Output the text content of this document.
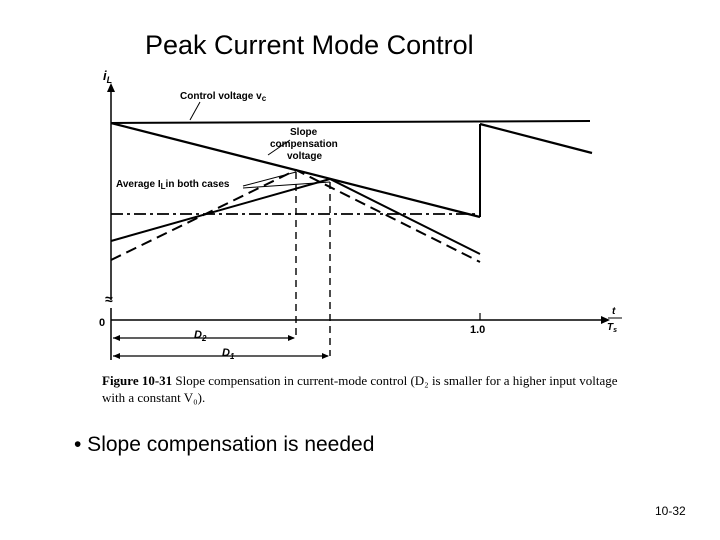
Peak Current Mode Control
$i_L$
Control voltage $v_c$
Slope
compensation
voltage
Average $I_Lin$ both cases
≈
0
1.0
$D_2$
$D_1$
t
$T_s$
Figure 10-31 Slope compensation in current-mode control (D₂ is smaller for a higher input voltage with a constant V₀).
• Slope compensation is needed
10-32
